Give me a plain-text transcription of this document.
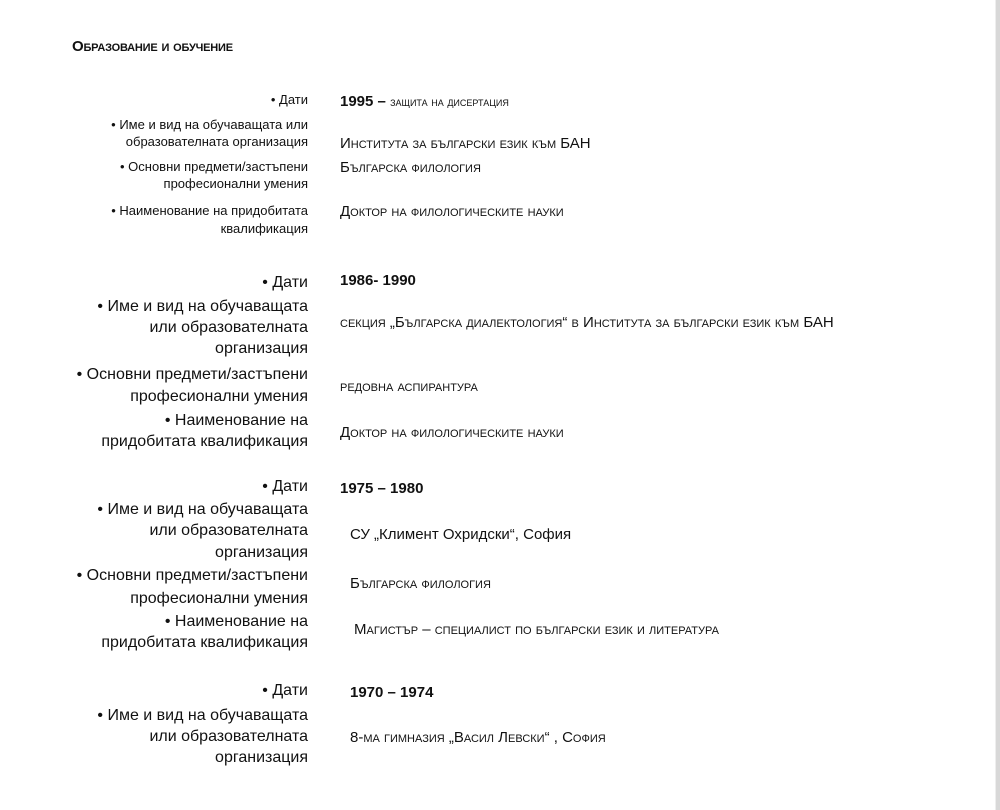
Образование и обучение
• Дати 1995 – защита на дисертация
• Име и вид на обучаващата или
образователната организация Института за български език към БАН
• Основни предмети/застъпени
професионални умения
Българска филология
• Наименование на придобитата
квалификация
Доктор на филологическите науки
• Дати 1986- 1990
• Име и вид на обучаващата
или образователната
организация
секция „Българска диалектология“ в Института за български език към БАН
• Основни предмети/застъпени
професионални умения
редовна аспирантура
• Наименование на
придобитата квалификация
Доктор на филологическите науки
• Дати 1975 – 1980
• Име и вид на обучаващата
или образователната
организация
СУ „Климент Охридски“, София
• Основни предмети/застъпени
професионални умения
Българска филология
• Наименование на
придобитата квалификация
Магистър – специалист по български език и литература
• Дати	1970 – 1974
• Име и вид на обучаващата
или образователната
организация
8-ма гимназия „Васил Левски“ , София
